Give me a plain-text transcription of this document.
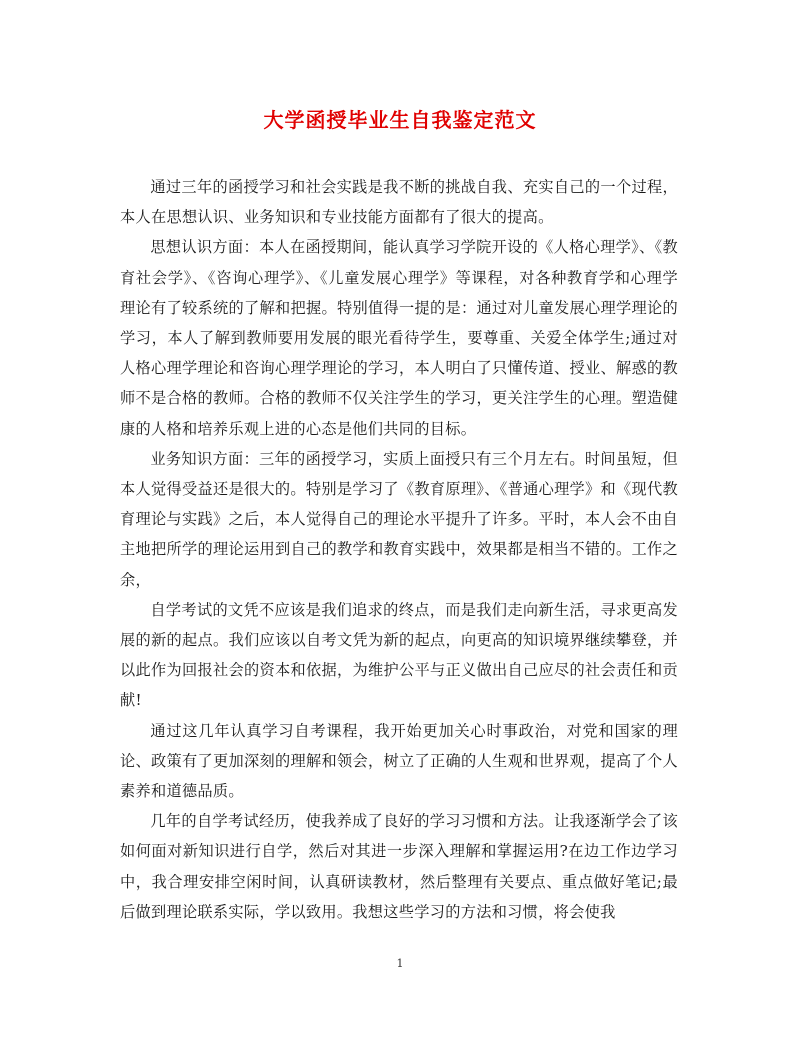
大学函授毕业生自我鉴定范文

通过三年的函授学习和社会实践是我不断的挑战自我、充实自己的一个过程，本人在思想认识、业务知识和专业技能方面都有了很大的提高。

思想认识方面：本人在函授期间，能认真学习学院开设的《人格心理学》、《教育社会学》、《咨询心理学》、《儿童发展心理学》等课程，对各种教育学和心理学理论有了较系统的了解和把握。特别值得一提的是：通过对儿童发展心理学理论的学习，本人了解到教师要用发展的眼光看待学生，要尊重、关爱全体学生;通过对人格心理学理论和咨询心理学理论的学习，本人明白了只懂传道、授业、解惑的教师不是合格的教师。合格的教师不仅关注学生的学习，更关注学生的心理。塑造健康的人格和培养乐观上进的心态是他们共同的目标。

业务知识方面：三年的函授学习，实质上面授只有三个月左右。时间虽短，但本人觉得受益还是很大的。特别是学习了《教育原理》、《普通心理学》和《现代教育理论与实践》之后，本人觉得自己的理论水平提升了许多。平时，本人会不由自主地把所学的理论运用到自己的教学和教育实践中，效果都是相当不错的。工作之余，

自学考试的文凭不应该是我们追求的终点，而是我们走向新生活，寻求更高发展的新的起点。我们应该以自考文凭为新的起点，向更高的知识境界继续攀登，并以此作为回报社会的资本和依据，为维护公平与正义做出自己应尽的社会责任和贡献!

通过这几年认真学习自考课程，我开始更加关心时事政治，对党和国家的理论、政策有了更加深刻的理解和领会，树立了正确的人生观和世界观，提高了个人素养和道德品质。

几年的自学考试经历，使我养成了良好的学习习惯和方法。让我逐渐学会了该如何面对新知识进行自学，然后对其进一步深入理解和掌握运用?在边工作边学习中，我合理安排空闲时间，认真研读教材，然后整理有关要点、重点做好笔记;最后做到理论联系实际，学以致用。我想这些学习的方法和习惯，将会使我

1
